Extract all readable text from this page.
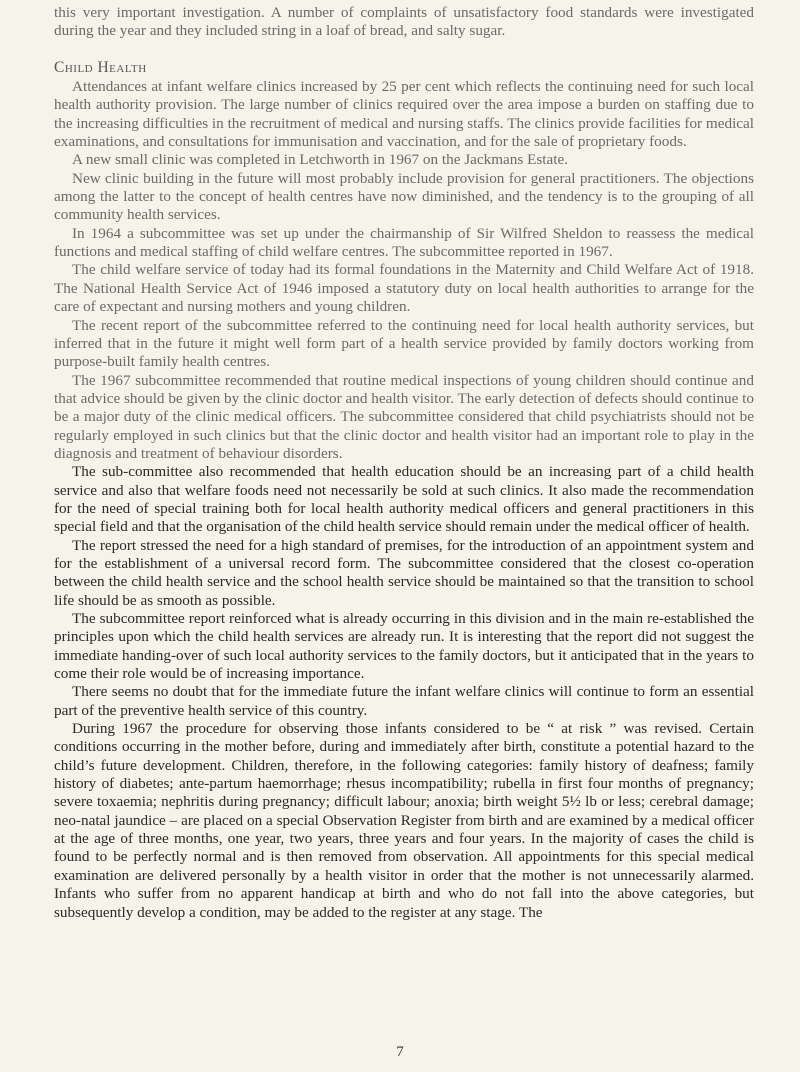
this very important investigation. A number of complaints of unsatisfactory food standards were investigated during the year and they included string in a loaf of bread, and salty sugar.

Child Health

Attendances at infant welfare clinics increased by 25 per cent which reflects the continuing need for such local health authority provision. The large number of clinics required over the area impose a burden on staffing due to the increasing difficulties in the recruitment of medical and nursing staffs. The clinics provide facilities for medical examinations, and consultations for immunisation and vaccination, and for the sale of proprietary foods.

A new small clinic was completed in Letchworth in 1967 on the Jackmans Estate.

New clinic building in the future will most probably include provision for general practitioners. The objections among the latter to the concept of health centres have now diminished, and the tendency is to the grouping of all community health services.

In 1964 a subcommittee was set up under the chairmanship of Sir Wilfred Sheldon to reassess the medical functions and medical staffing of child welfare centres. The subcommittee reported in 1967.

The child welfare service of today had its formal foundations in the Maternity and Child Welfare Act of 1918. The National Health Service Act of 1946 imposed a statutory duty on local health authorities to arrange for the care of expectant and nursing mothers and young children.

The recent report of the subcommittee referred to the continuing need for local health authority services, but inferred that in the future it might well form part of a health service provided by family doctors working from purpose-built family health centres.

The 1967 subcommittee recommended that routine medical inspections of young children should continue and that advice should be given by the clinic doctor and health visitor. The early detection of defects should continue to be a major duty of the clinic medical officers. The subcommittee considered that child psychiatrists should not be regularly employed in such clinics but that the clinic doctor and health visitor had an important role to play in the diagnosis and treatment of behaviour disorders.

The sub-committee also recommended that health education should be an increasing part of a child health service and also that welfare foods need not necessarily be sold at such clinics. It also made the recommendation for the need of special training both for local health authority medical officers and general practitioners in this special field and that the organisation of the child health service should remain under the medical officer of health.

The report stressed the need for a high standard of premises, for the introduction of an appointment system and for the establishment of a universal record form. The subcommittee considered that the closest co-operation between the child health service and the school health service should be maintained so that the transition to school life should be as smooth as possible.

The subcommittee report reinforced what is already occurring in this division and in the main re-established the principles upon which the child health services are already run. It is interesting that the report did not suggest the immediate handing-over of such local authority services to the family doctors, but it anticipated that in the years to come their role would be of increasing importance.

There seems no doubt that for the immediate future the infant welfare clinics will continue to form an essential part of the preventive health service of this country.

During 1967 the procedure for observing those infants considered to be “ at risk ” was revised. Certain conditions occurring in the mother before, during and immediately after birth, constitute a potential hazard to the child’s future development. Children, therefore, in the following categories: family history of deafness; family history of diabetes; ante-partum haemorrhage; rhesus incompatibility; rubella in first four months of pregnancy; severe toxaemia; nephritis during pregnancy; difficult labour; anoxia; birth weight 5½ lb or less; cerebral damage; neo-natal jaundice – are placed on a special Observation Register from birth and are examined by a medical officer at the age of three months, one year, two years, three years and four years. In the majority of cases the child is found to be perfectly normal and is then removed from observation. All appointments for this special medical examination are delivered personally by a health visitor in order that the mother is not unnecessarily alarmed. Infants who suffer from no apparent handicap at birth and who do not fall into the above categories, but subsequently develop a condition, may be added to the register at any stage. The

7
